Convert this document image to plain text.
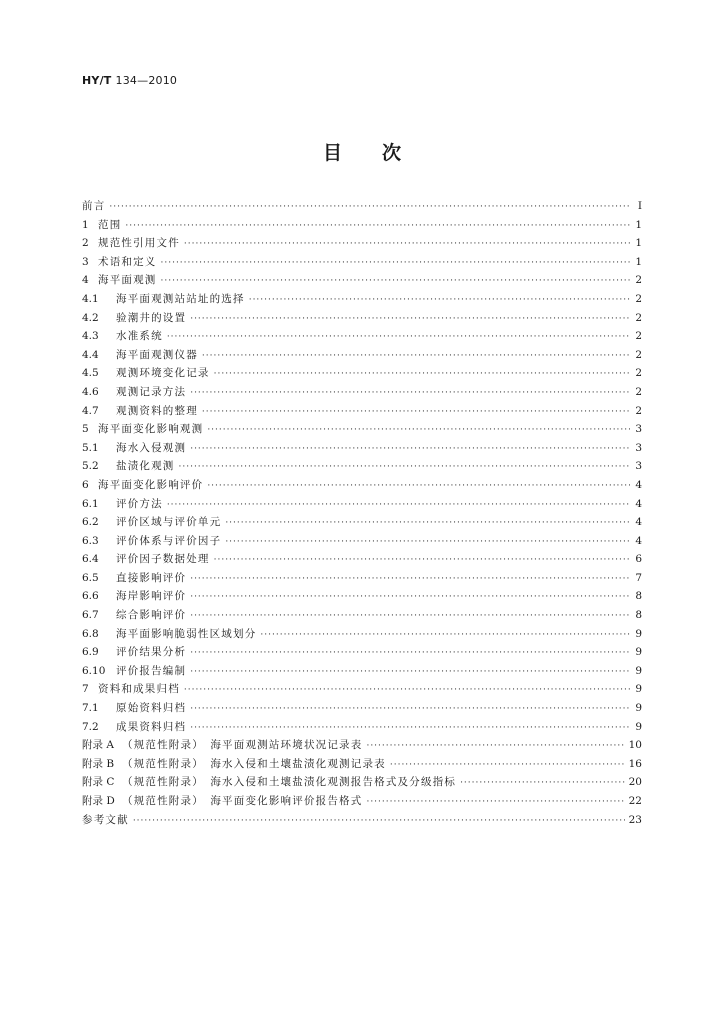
HY/T 134—2010
目次
前言 ·····	I
1 范围 ·····	1
2 规范性引用文件 ·····	1
3 术语和定义 ·····	1
4 海平面观测 ·····	2
4.1	海平面观测站站址的选择 ·····	2
4.2	验潮井的设置 ·····	2
4.3	水准系统 ·····	2
4.4	海平面观测仪器 ·····	2
4.5	观测环境变化记录 ·····	2
4.6	观测记录方法 ·····	2
4.7	观测资料的整理 ·····	2
5 海平面变化影响观测 ·····	3
5.1	海水入侵观测 ·····	3
5.2	盐渍化观测 ·····	3
6 海平面变化影响评价 ·····	4
6.1	评价方法 ·····	4
6.2	评价区域与评价单元 ·····	4
6.3	评价体系与评价因子 ·····	4
6.4	评价因子数据处理 ·····	6
6.5	直接影响评价 ·····	7
6.6	海岸影响评价 ·····	8
6.7	综合影响评价 ·····	8
6.8	海平面影响脆弱性区域划分 ·····	9
6.9	评价结果分析 ·····	9
6.10	评价报告编制 ·····	9
7 资料和成果归档 ·····	9
7.1	原始资料归档 ·····	9
7.2	成果资料归档 ·····	9
附录 A （规范性附录）　海平面观测站环境状况记录表 ·····	10
附录 B （规范性附录）　海水入侵和土壤盐渍化观测记录表 ·····	16
附录 C （规范性附录）　海水入侵和土壤盐渍化观测报告格式及分级指标 ·····	20
附录 D （规范性附录）　海平面变化影响评价报告格式 ·····	22
参考文献 ·····	23
